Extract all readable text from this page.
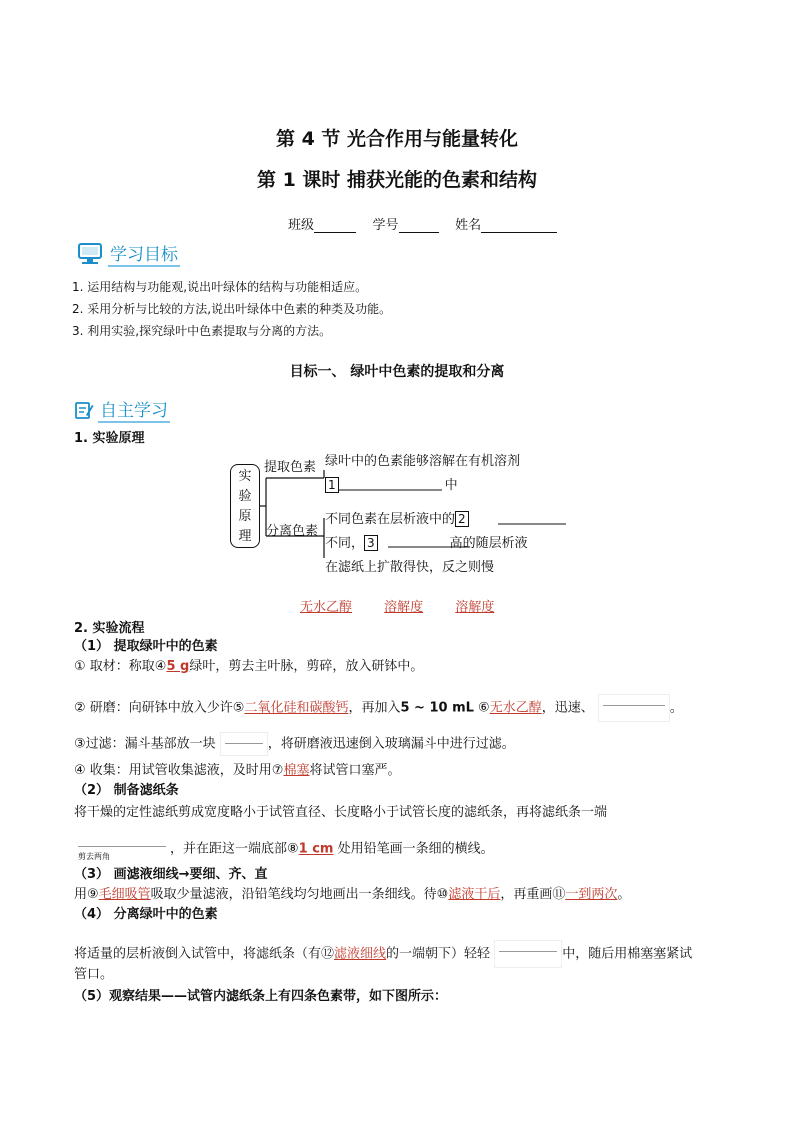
第 4 节 光合作用与能量转化
第 1 课时 捕获光能的色素和结构
班级	学号	姓名
学习目标
1. 运用结构与功能观,说出叶绿体的结构与功能相适应。
2. 采用分析与比较的方法,说出叶绿体中色素的种类及功能。
3. 利用实验,探究绿叶中色素提取与分离的方法。
目标一、 绿叶中色素的提取和分离
自主学习
1. 实验原理
实
验
原
理
提取色素 绿叶中的色素能够溶解在有机溶剂
1	中
分离色素
不同色素在层析液中的 2
不同， 3	高的随层析液
在滤纸上扩散得快，反之则慢
无水乙醇 溶解度 溶解度
2. 实验流程
（1） 提取绿叶中的色素
① 取材：称取④5 g绿叶，剪去主叶脉，剪碎，放入研钵中。
② 研磨：向研钵中放入少许⑤二氧化硅和碳酸钙，再加入5 ~ 10 mL ⑥无水乙醇，迅速、	。
③过滤：漏斗基部放一块	，将研磨液迅速倒入玻璃漏斗中进行过滤。
④ 收集：用试管收集滤液，及时用⑦棉塞将试管口塞严。
（2） 制备滤纸条
将干燥的定性滤纸剪成宽度略小于试管直径、长度略小于试管长度的滤纸条，再将滤纸条一端
剪去两角	，并在距这一端底部⑧1 cm 处用铅笔画一条细的横线。
（3） 画滤液细线→要细、齐、直
用⑨毛细吸管吸取少量滤液，沿铅笔线均匀地画出一条细线。待⑩滤液干后，再重画⑪一到两次。
（4） 分离绿叶中的色素
将适量的层析液倒入试管中，将滤纸条（有⑫滤液细线的一端朝下）轻轻	中，随后用棉塞塞紧试
管口。
（5）观察结果——试管内滤纸条上有四条色素带，如下图所示：
